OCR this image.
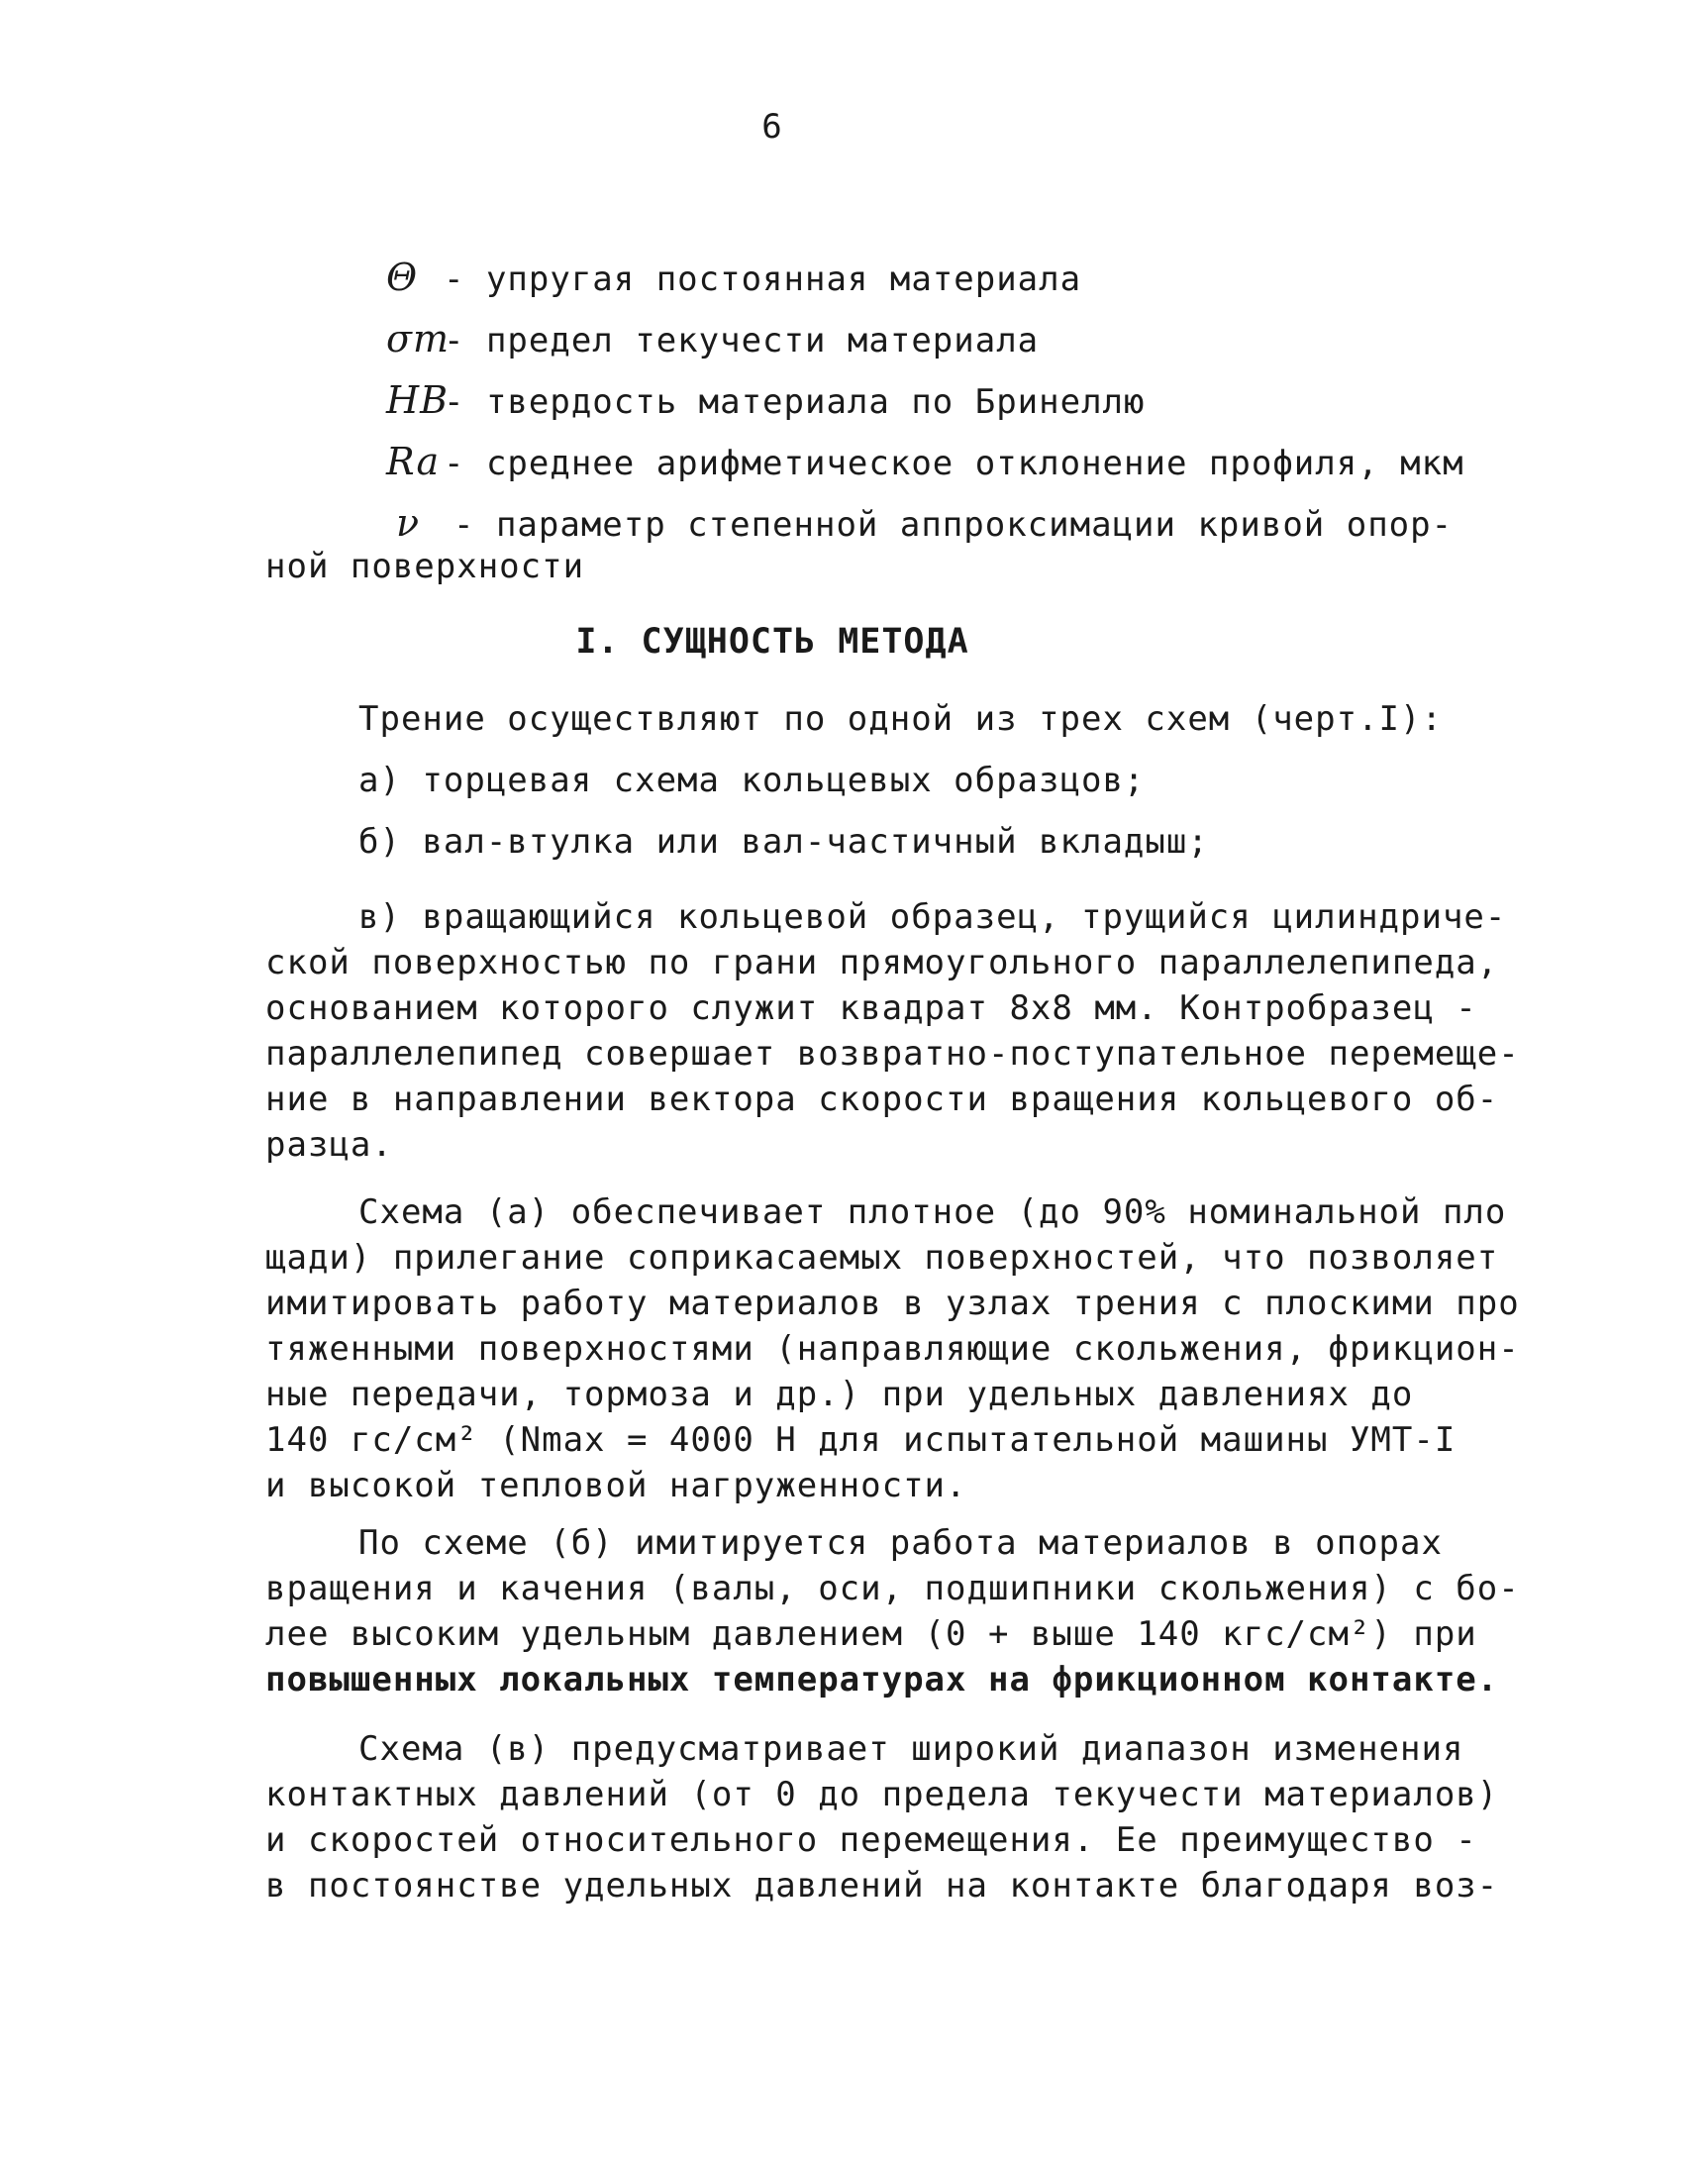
6
Θ - упругая постоянная материала
σт- предел текучести материала
HB- твердость материала по Бринеллю
Ra - среднее арифметическое отклонение профиля, мкм
ν - параметр степенной аппроксимации кривой опор-
ной поверхности
I. СУЩНОСТЬ МЕТОДА
Трение осуществляют по одной из трех схем (черт.I):
а) торцевая схема кольцевых образцов;
б) вал-втулка или вал-частичный вкладыш;
в) вращающийся кольцевой образец, трущийся цилиндриче-
ской поверхностью по грани прямоугольного параллелепипеда,
основанием которого служит квадрат 8х8 мм. Контробразец -
параллелепипед совершает возвратно-поступательное перемеще-
ние в направлении вектора скорости вращения кольцевого об-
разца.
Схема (а) обеспечивает плотное (до 90% номинальной пло
щади) прилегание соприкасаемых поверхностей, что позволяет
имитировать работу материалов в узлах трения с плоскими про
тяженными поверхностями (направляющие скольжения, фрикцион-
ные передачи, тормоза и др.) при удельных давлениях до
140 гс/см² (Nmax = 4000 Н для испытательной машины УМТ-I
и высокой тепловой нагруженности.
По схеме (б) имитируется работа материалов в опорах
вращения и качения (валы, оси, подшипники скольжения) с бо-
лее высоким удельным давлением (0 + выше 140 кгс/см²) при
повышенных локальных температурах на фрикционном контакте.
Схема (в) предусматривает широкий диапазон изменения
контактных давлений (от 0 до предела текучести материалов)
и скоростей относительного перемещения. Ее преимущество -
в постоянстве удельных давлений на контакте благодаря воз-
